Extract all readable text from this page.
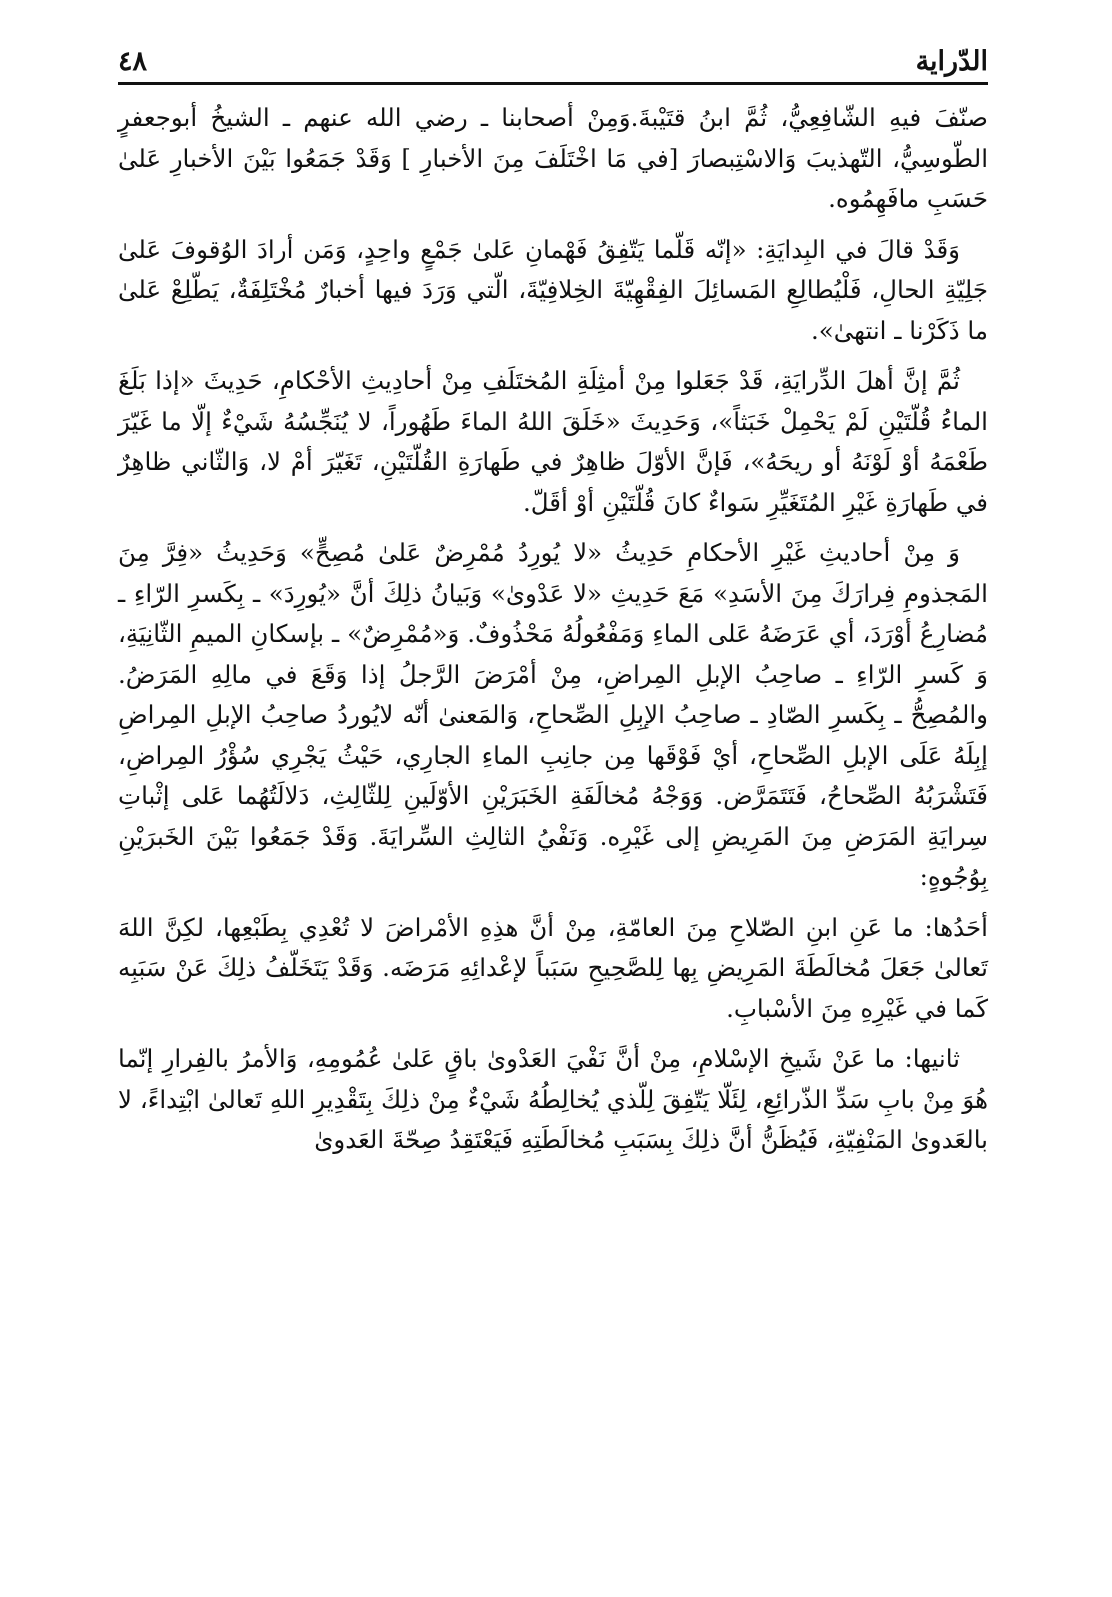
الدّراية
٤٨

صنّفَ فيهِ الشّافِعِيُّ، ثُمَّ ابنُ قتَيْبةَ.وَمِنْ أصحابنا ـ رضي الله عنهم ـ الشيخُ أبوجعفرٍ الطّوسِيُّ، التّهذيبَ وَالاسْتِبصارَ [في مَا اخْتَلَفَ مِنَ الأخبارِ ] وَقَدْ جَمَعُوا بَيْنَ الأخبارِ عَلىٰ حَسَبِ مافَهِمُوه.

وَقَدْ قالَ في البِدايَةِ: «إنّه قَلّما يَتّفِقُ فَهْمانِ عَلىٰ جَمْعٍ واحِدٍ، وَمَن أرادَ الوُقوفَ عَلىٰ جَلِيّةِ الحالِ، فَلْيُطالِعِ المَسائِلَ الفِقْهِيّةَ الخِلافِيّةَ، الّتي وَرَدَ فيها أخبارٌ مُخْتَلِفَةٌ، يَطّلِعْ عَلىٰ ما ذَكَرْنا ـ انتهىٰ».

ثُمَّ إنَّ أهلَ الدِّرايَةِ، قَدْ جَعَلوا مِنْ أمثِلَةِ المُختَلَفِ مِنْ أحادِيثِ الأحْكامِ، حَدِيثَ «إذا بَلَغَ الماءُ قُلّتَيْنِ لَمْ يَحْمِلْ خَبَثاً»، وَحَدِيثَ «خَلَقَ اللهُ الماءَ طَهُوراً، لا يُنَجِّسُهُ شَيْءٌ إلّا ما غَيّرَ طَعْمَهُ أوْ لَوْنَهُ أو ريحَهُ»، فَإنَّ الأوّلَ ظاهِرٌ في طَهارَةِ القُلّتَيْنِ، تَغَيّرَ أمْ لا، وَالثّاني ظاهِرٌ في طَهارَةِ غَيْرِ المُتَغَيِّرِ سَواءٌ كانَ قُلّتَيْنِ أوْ أقَلّ.

وَ مِنْ أحاديثِ غَيْرِ الأحكامِ حَدِيثُ «لا يُورِدُ مُمْرِضٌ عَلىٰ مُصِحٍّ» وَحَدِيثُ «فِرَّ مِنَ المَجذومِ فِرارَكَ مِنَ الأسَدِ» مَعَ حَدِيثِ «لا عَدْوىٰ» وَبَيانُ ذلِكَ أنَّ «يُورِدَ» ـ بِكَسرِ الرّاءِ ـ مُضارِعُ أوْرَدَ، أي عَرَضَهُ عَلى الماءِ وَمَفْعُولُهُ مَحْذُوفٌ. وَ«مُمْرِضٌ» ـ بإسكانِ الميمِ الثّانِيَةِ، وَ كَسرِ الرّاءِ ـ صاحِبُ الإبلِ المِراضِ، مِنْ أمْرَضَ الرَّجلُ إذا وَقَعَ في مالِهِ المَرَضُ. والمُصِحُّ ـ بِكَسرِ الصّادِ ـ صاحِبُ الإبِلِ الصِّحاحِ، وَالمَعنىٰ أنّه لايُوردُ صاحِبُ الإبلِ المِراضِ إبِلَهُ عَلَى الإبلِ الصِّحاحِ، أيْ فَوْقَها مِن جانِبِ الماءِ الجارِي، حَيْثُ يَجْرِي سُؤْرُ المِراضِ، فَتَشْرَبُهُ الصِّحاحُ، فَتَتَمَرَّض. وَوَجْهُ مُخالَفَةِ الخَبَرَيْنِ الأوّلَينِ لِلثّالِثِ، دَلالَتُهُما عَلى إثْباتِ سِرايَةِ المَرَضِ مِنَ المَرِيضِ إلى غَيْرِه. وَنَفْيُ الثالِثِ السِّرايَةَ. وَقَدْ جَمَعُوا بَيْنَ الخَبرَيْنِ بِوُجُوهٍ:

أحَدُها: ما عَنِ ابنِ الصّلاحِ مِنَ العامّةِ، مِنْ أنَّ هذِهِ الأمْراضَ لا تُعْدِي بِطَبْعِها، لكِنَّ اللهَ تَعالىٰ جَعَلَ مُخالَطَةَ المَرِيضِ بِها لِلصَّحِيحِ سَبَباً لإعْدائِهِ مَرَضَه. وَقَدْ يَتَخَلّفُ ذلِكَ عَنْ سَبَبِه كَما في غَيْرِهِ مِنَ الأسْبابِ.

ثانيها: ما عَنْ شَيخِ الإسْلامِ، مِنْ أنَّ نَفْيَ العَدْوىٰ باقٍ عَلىٰ عُمُومِهِ، وَالأمرُ بالفِرارِ إنّما هُوَ مِنْ بابِ سَدِّ الذّرائِعِ، لِئَلّا يَتّفِقَ لِلّذي يُخالِطُهُ شَيْءٌ مِنْ ذلِكَ بِتَقْدِيرِ اللهِ تَعالىٰ ابْتِداءً، لا بالعَدوىٰ المَنْفِيّةِ، فَيُظَنُّ أنَّ ذلِكَ بِسَبَبِ مُخالَطَتِهِ فَيَعْتَقِدُ صِحّةَ العَدوىٰ
